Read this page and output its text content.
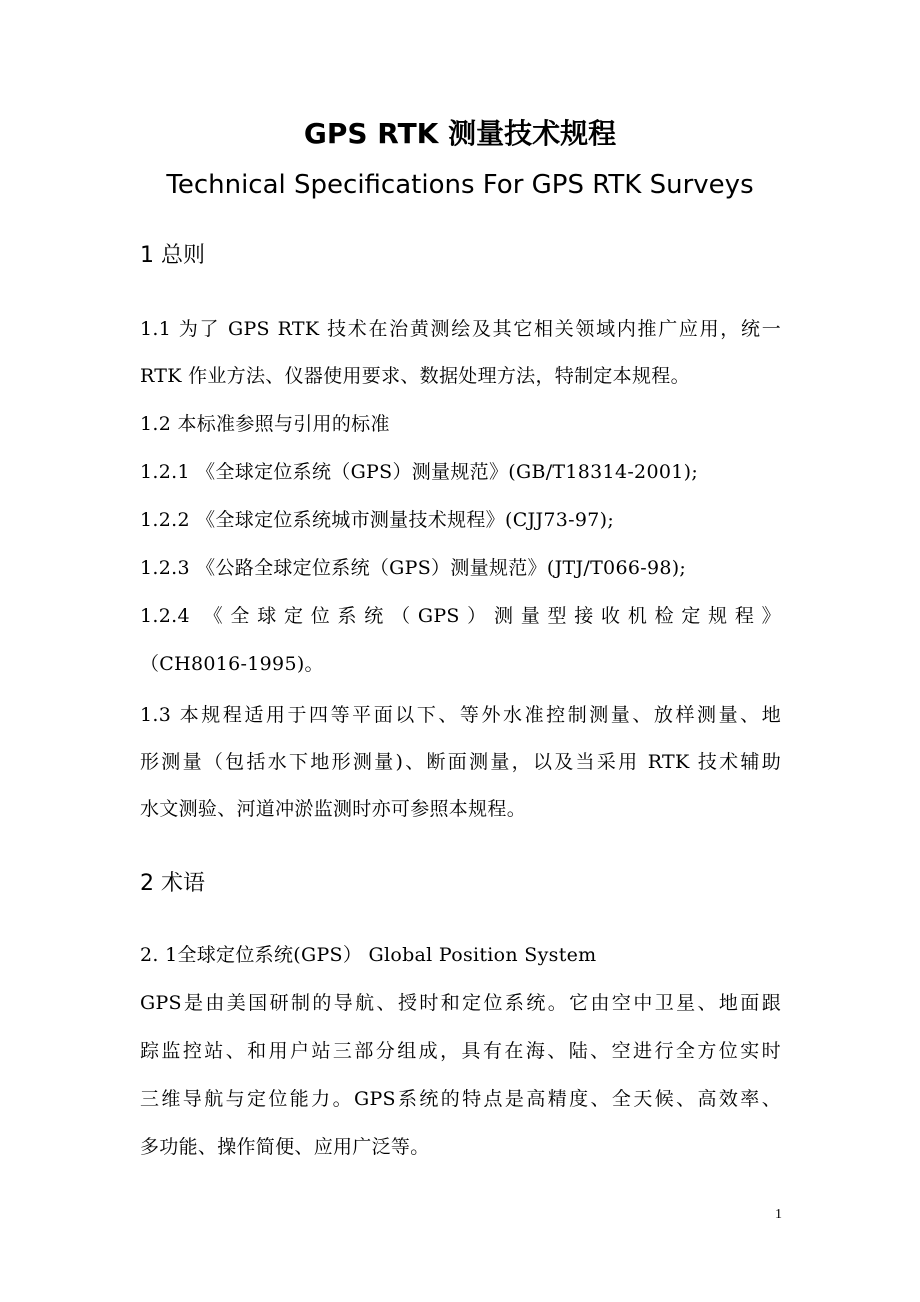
GPS RTK 测量技术规程
Technical Specifications For GPS RTK Surveys
1 总则
1.1 为了 GPS RTK 技术在治黄测绘及其它相关领域内推广应用，统一
RTK 作业方法、仪器使用要求、数据处理方法，特制定本规程。
1.2 本标准参照与引用的标准
1.2.1 《全球定位系统（GPS）测量规范》(GB/T18314-2001);
1.2.2 《全球定位系统城市测量技术规程》(CJJ73-97);
1.2.3 《公路全球定位系统（GPS）测量规范》(JTJ/T066-98);
1.2.4 《全球定位系统（GPS）测量型接收机检定规程》
（CH8016-1995)。
1.3 本规程适用于四等平面以下、等外水准控制测量、放样测量、地
形测量（包括水下地形测量)、断面测量，以及当采用 RTK 技术辅助
水文测验、河道冲淤监测时亦可参照本规程。
2 术语
2. 1全球定位系统(GPS） Global Position System
GPS是由美国研制的导航、授时和定位系统。它由空中卫星、地面跟
踪监控站、和用户站三部分组成，具有在海、陆、空进行全方位实时
三维导航与定位能力。GPS系统的特点是高精度、全天候、高效率、
多功能、操作简便、应用广泛等。
1
